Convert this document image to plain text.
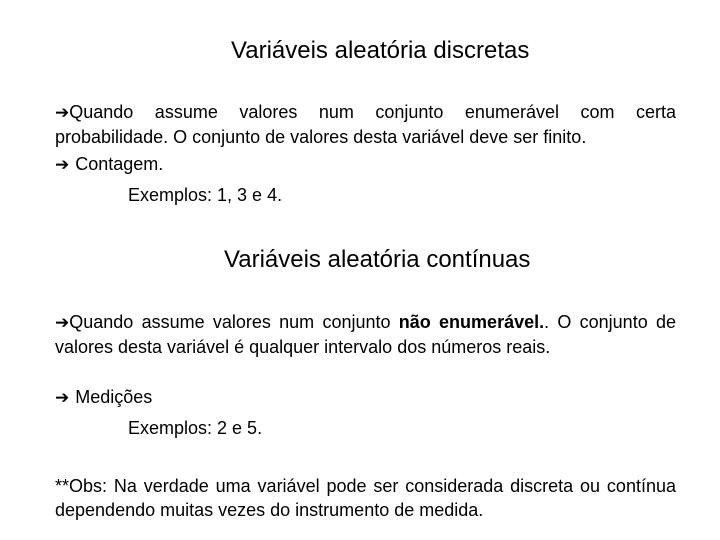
Variáveis aleatória discretas
➔Quando assume valores num conjunto enumerável com certa probabilidade. O conjunto de valores desta variável deve ser finito.
➔ Contagem.
Exemplos: 1, 3 e 4.
Variáveis aleatória contínuas
➔Quando assume valores num conjunto não enumerável.. O conjunto de valores desta variável é qualquer intervalo dos números reais.
➔ Medições
Exemplos: 2 e 5.
**Obs: Na verdade uma variável pode ser considerada discreta ou contínua dependendo muitas vezes do instrumento de medida.
